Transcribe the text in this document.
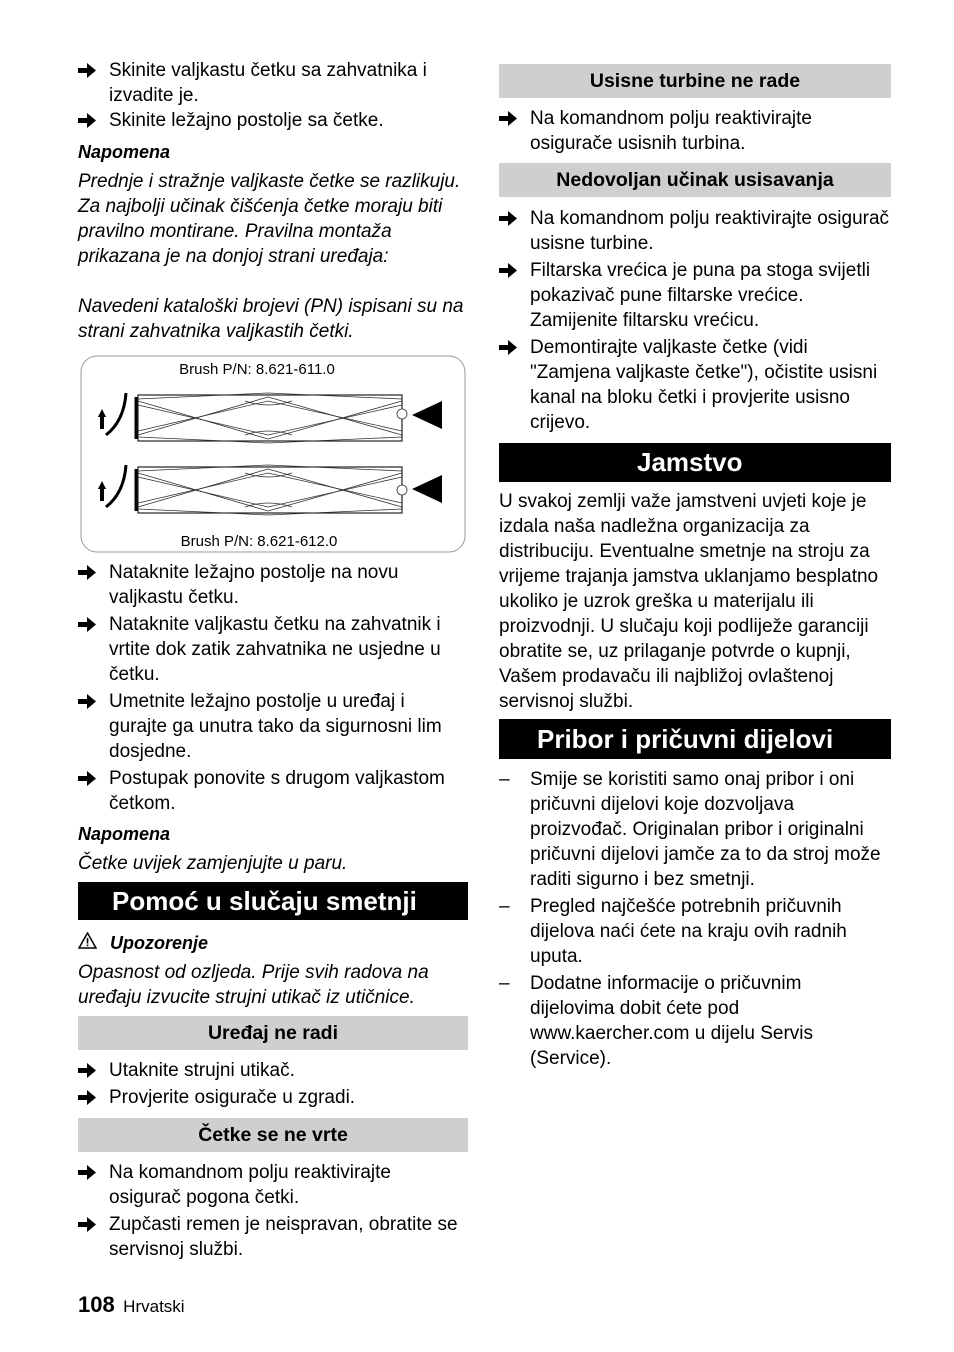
Skinite valjkastu četku sa zahvatnika i izvadite je.
Skinite ležajno postolje sa četke.
Napomena

Prednje i stražnje valjkaste četke se razlikuju. Za najbolji učinak čišćenja četke moraju biti pravilno montirane. Pravilna montaža prikazana je na donjoj strani uređaja:

Navedeni kataloški brojevi (PN) ispisani su na strani zahvatnika valjkastih četki.

Brush P/N: 8.621-611.0
Brush P/N: 8.621-612.0
Nataknite ležajno postolje na novu valjkastu četku.
Nataknite valjkastu četku na zahvatnik i vrtite dok zatik zahvatnika ne usjedne u četku.
Umetnite ležajno postolje u uređaj i gurajte ga unutra tako da sigurnosni lim dosjedne.
Postupak ponovite s drugom valjkastom četkom.
Napomena

Četke uvijek zamjenjujte u paru.

Pomoć u slučaju smetnji
Upozorenje

Opasnost od ozljeda. Prije svih radova na uređaju izvucite strujni utikač iz utičnice.

Uređaj ne radi
Utaknite strujni utikač.
Provjerite osigurače u zgradi.
Četke se ne vrte
Na komandnom polju reaktivirajte osigurač pogona četki.
Zupčasti remen je neispravan, obratite se servisnoj službi.
108 Hrvatski
Usisne turbine ne rade
Na komandnom polju reaktivirajte osigurače usisnih turbina.
Nedovoljan učinak usisavanja
Na komandnom polju reaktivirajte osigurač usisne turbine.
Filtarska vrećica je puna pa stoga svijetli pokazivač pune filtarske vrećice. Zamijenite filtarsku vrećicu.
Demontirajte valjkaste četke (vidi "Zamjena valjkaste četke"), očistite usisni kanal na bloku četki i provjerite usisno crijevo.
Jamstvo

U svakoj zemlji važe jamstveni uvjeti koje je izdala naša nadležna organizacija za distribuciju. Eventualne smetnje na stroju za vrijeme trajanja jamstva uklanjamo besplatno ukoliko je uzrok greška u materijalu ili proizvodnji. U slučaju koji podliježe garanciji obratite se, uz prilaganje potvrde o kupnji, Vašem prodavaču ili najbližoj ovlaštenoj servisnoj službi.

Pribor i pričuvni dijelovi
–	Smije se koristiti samo onaj pribor i oni pričuvni dijelovi koje dozvoljava proizvođač. Originalan pribor i originalni pričuvni dijelovi jamče za to da stroj može raditi sigurno i bez smetnji.
–	Pregled najčešće potrebnih pričuvnih dijelova naći ćete na kraju ovih radnih uputa.
–	Dodatne informacije o pričuvnim dijelovima dobit ćete pod www.kaercher.com u dijelu Servis (Service).
